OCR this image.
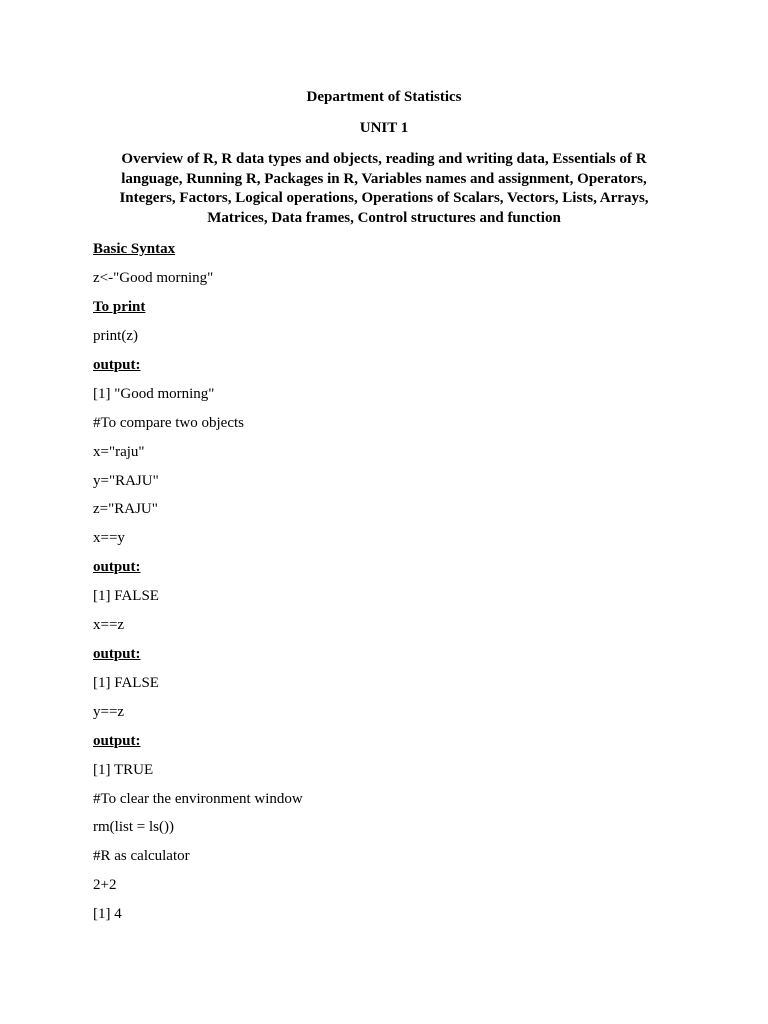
Department of Statistics
UNIT 1
Overview of R, R data types and objects, reading and writing data, Essentials of R language, Running R, Packages in R, Variables names and assignment, Operators, Integers, Factors, Logical operations, Operations of Scalars, Vectors, Lists, Arrays, Matrices, Data frames, Control structures and function
Basic Syntax
z<-"Good morning"
To print
print(z)
output:
[1] "Good morning"
#To compare two objects
x="raju"
y="RAJU"
z="RAJU"
x==y
output:
[1] FALSE
x==z
output:
[1] FALSE
y==z
output:
[1] TRUE
#To clear the environment window
rm(list = ls())
#R as calculator
2+2
[1] 4
